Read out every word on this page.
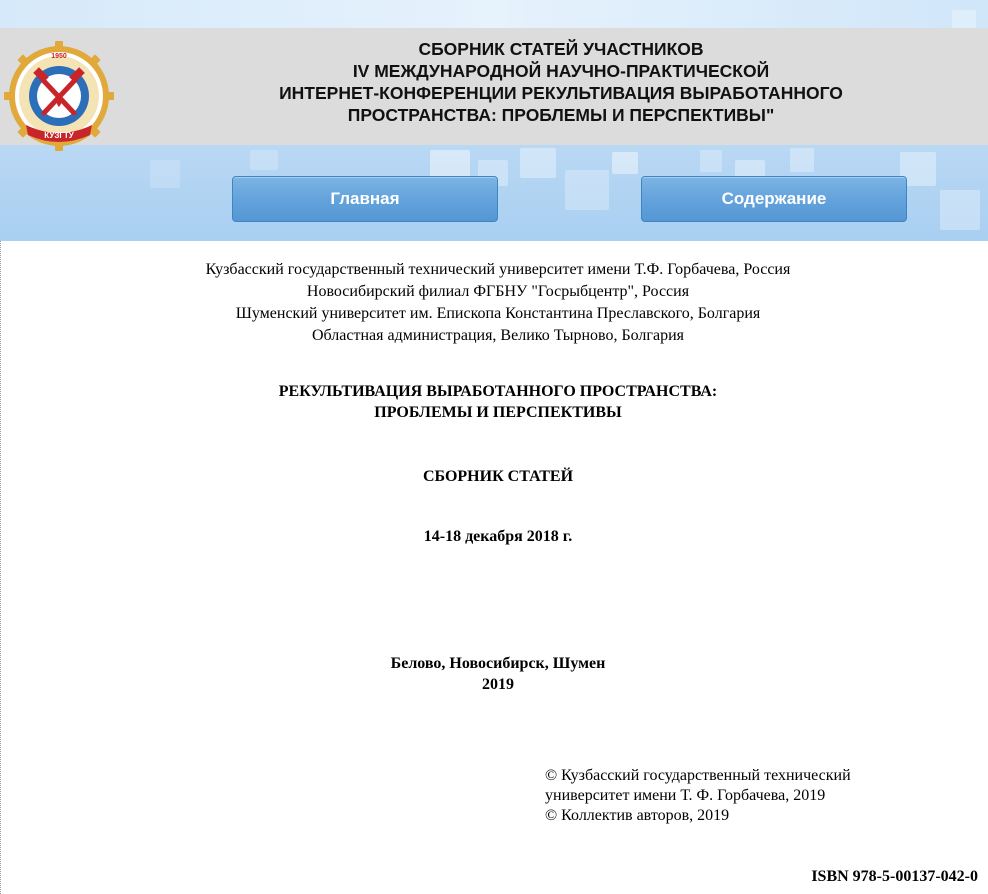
КУЗГТУ
1950	СБОРНИК СТАТЕЙ УЧАСТНИКОВ
IV МЕЖДУНАРОДНОЙ НАУЧНО-ПРАКТИЧЕСКОЙ
ИНТЕРНЕТ-КОНФЕРЕНЦИИ РЕКУЛЬТИВАЦИЯ ВЫРАБОТАННОГО
ПРОСТРАНСТВА: ПРОБЛЕМЫ И ПЕРСПЕКТИВЫ"
Главная	Содержание
Кузбасский государственный технический университет имени Т.Ф. Горбачева, Россия
Новосибирский филиал ФГБНУ "Госрыбцентр", Россия
Шуменский университет им. Епископа Константина Преславского, Болгария
Областная администрация, Велико Тырново, Болгария
РЕКУЛЬТИВАЦИЯ ВЫРАБОТАННОГО ПРОСТРАНСТВА:
ПРОБЛЕМЫ И ПЕРСПЕКТИВЫ
СБОРНИК СТАТЕЙ
14-18 декабря 2018 г.
Белово, Новосибирск, Шумен
2019
© Кузбасский государственный технический
университет имени Т. Ф. Горбачева, 2019
© Коллектив авторов, 2019
ISBN 978-5-00137-042-0
